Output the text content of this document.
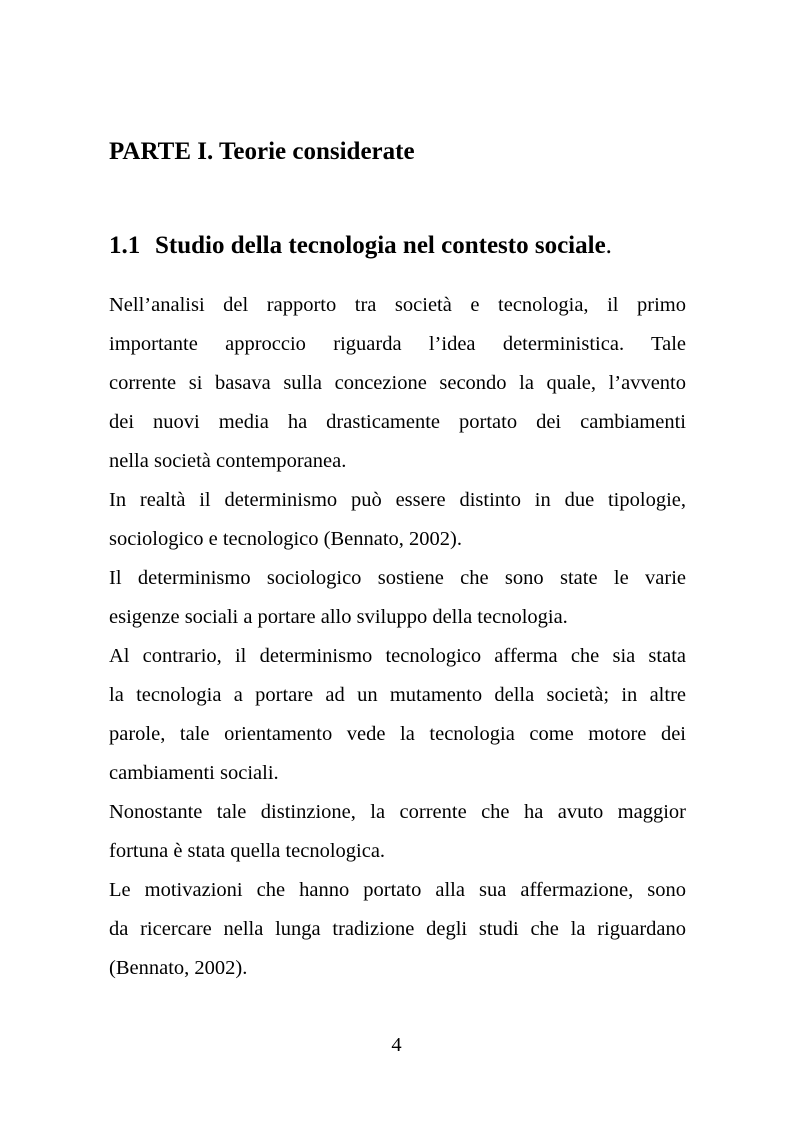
PARTE I. Teorie considerate
1.1 Studio della tecnologia nel contesto sociale.
Nell’analisi del rapporto tra società e tecnologia, il primo
importante approccio riguarda l’idea deterministica. Tale
corrente si basava sulla concezione secondo la quale, l’avvento
dei nuovi media ha drasticamente portato dei cambiamenti
nella società contemporanea.
In realtà il determinismo può essere distinto in due tipologie,
sociologico e tecnologico (Bennato, 2002).
Il determinismo sociologico sostiene che sono state le varie
esigenze sociali a portare allo sviluppo della tecnologia.
Al contrario, il determinismo tecnologico afferma che sia stata
la tecnologia a portare ad un mutamento della società; in altre
parole, tale orientamento vede la tecnologia come motore dei
cambiamenti sociali.
Nonostante tale distinzione, la corrente che ha avuto maggior
fortuna è stata quella tecnologica.
Le motivazioni che hanno portato alla sua affermazione, sono
da ricercare nella lunga tradizione degli studi che la riguardano
(Bennato, 2002).
4
